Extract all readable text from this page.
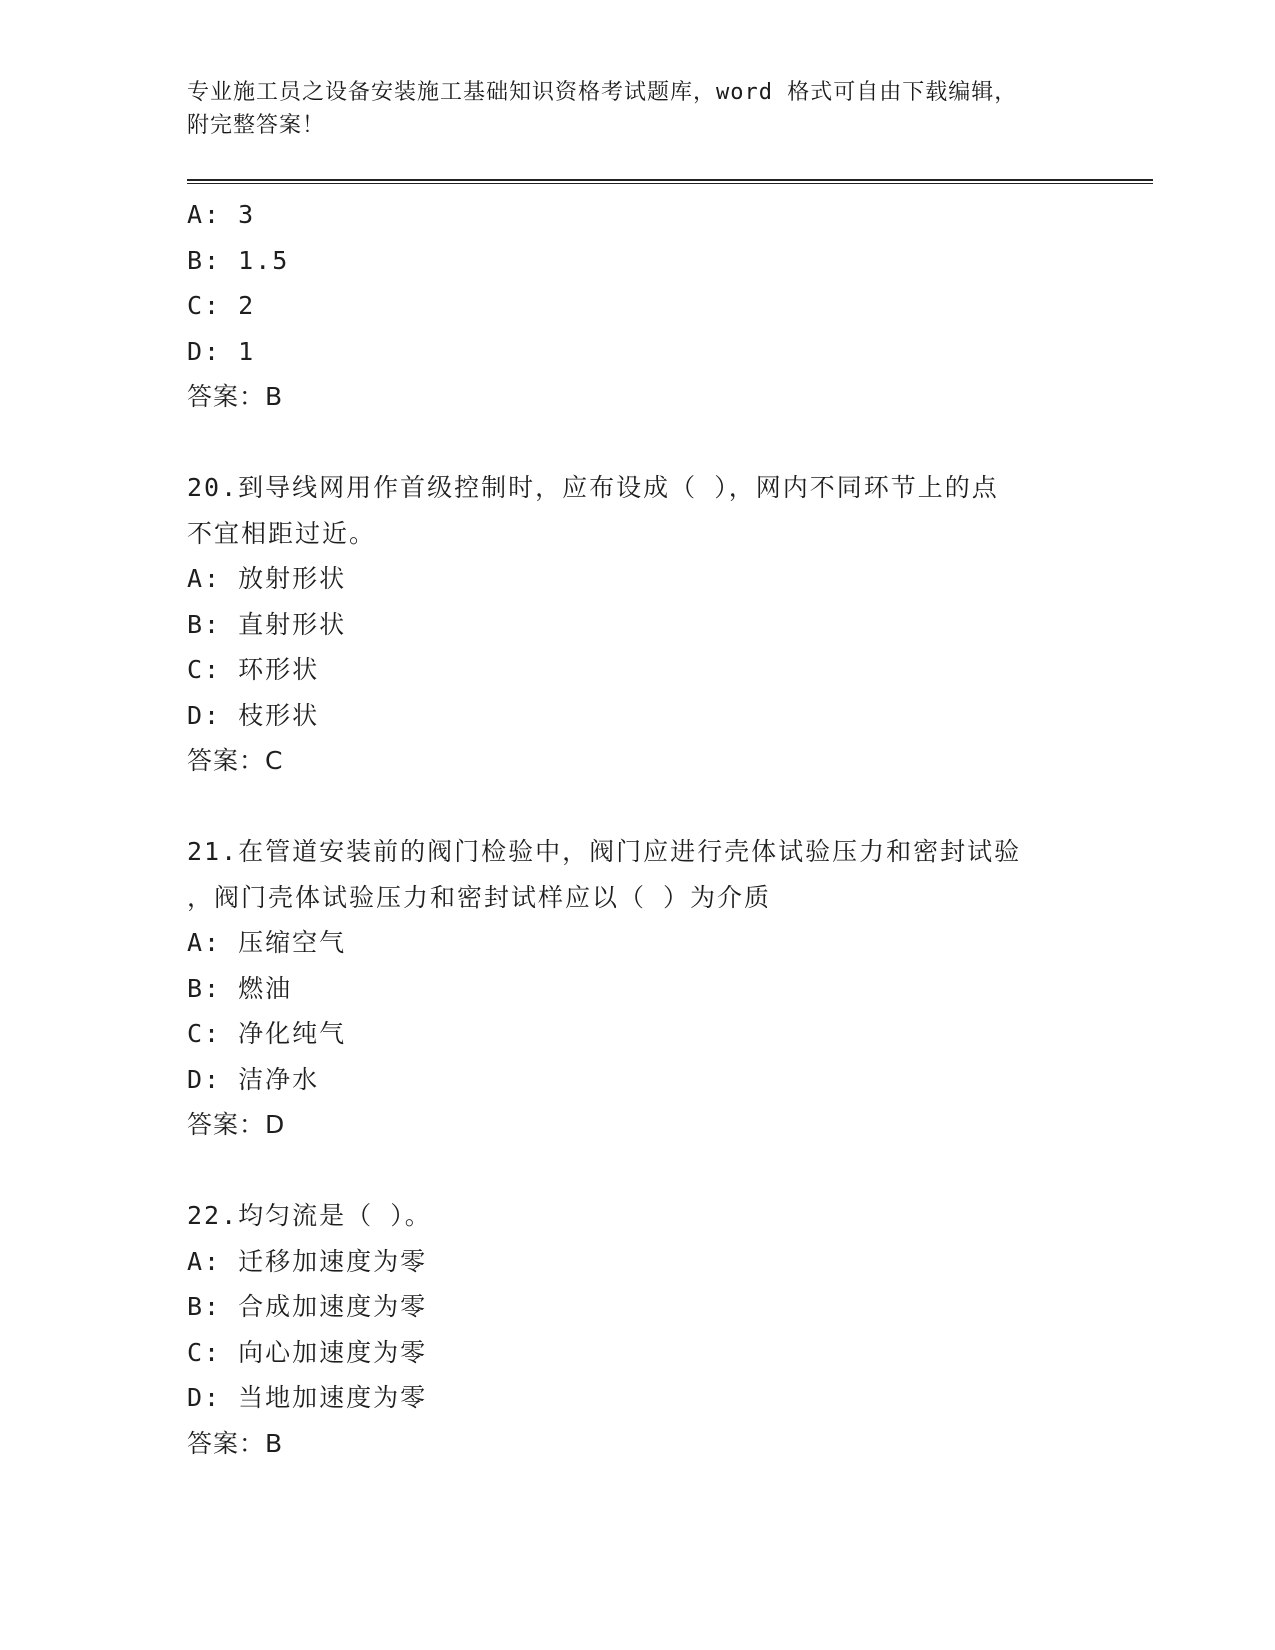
专业施工员之设备安装施工基础知识资格考试题库，word 格式可自由下载编辑，
附完整答案！
A: 3
B: 1.5
C: 2
D: 1
答案：B
20.到导线网用作首级控制时，应布设成（ ），网内不同环节上的点
不宜相距过近。
A: 放射形状
B: 直射形状
C: 环形状
D: 枝形状
答案：C
21.在管道安装前的阀门检验中，阀门应进行壳体试验压力和密封试验
，阀门壳体试验压力和密封试样应以（ ）为介质
A: 压缩空气
B: 燃油
C: 净化纯气
D: 洁净水
答案：D
22.均匀流是（ ）。
A: 迁移加速度为零
B: 合成加速度为零
C: 向心加速度为零
D: 当地加速度为零
答案：B
